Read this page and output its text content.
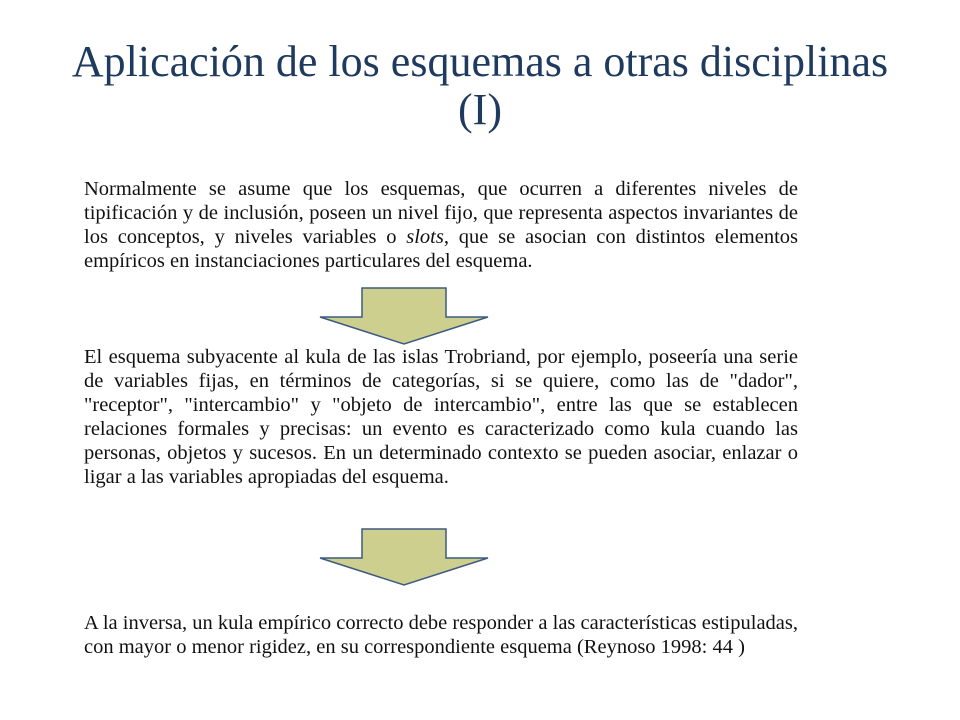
Aplicación de los esquemas a otras disciplinas (I)

Normalmente se asume que los esquemas, que ocurren a diferentes niveles de tipificación y de inclusión, poseen un nivel fijo, que representa aspectos invariantes de los conceptos, y niveles variables o slots, que se asocian con distintos elementos empíricos en instanciaciones particulares del esquema.

El esquema subyacente al kula de las islas Trobriand, por ejemplo, poseería una serie de variables fijas, en términos de categorías, si se quiere, como las de "dador", "receptor", "intercambio" y "objeto de intercambio", entre las que se establecen relaciones formales y precisas: un evento es caracterizado como kula cuando las personas, objetos y sucesos. En un determinado contexto se pueden asociar, enlazar o ligar a las variables apropiadas del esquema.

A la inversa, un kula empírico correcto debe responder a las características estipuladas, con mayor o menor rigidez, en su correspondiente esquema (Reynoso 1998: 44 )
